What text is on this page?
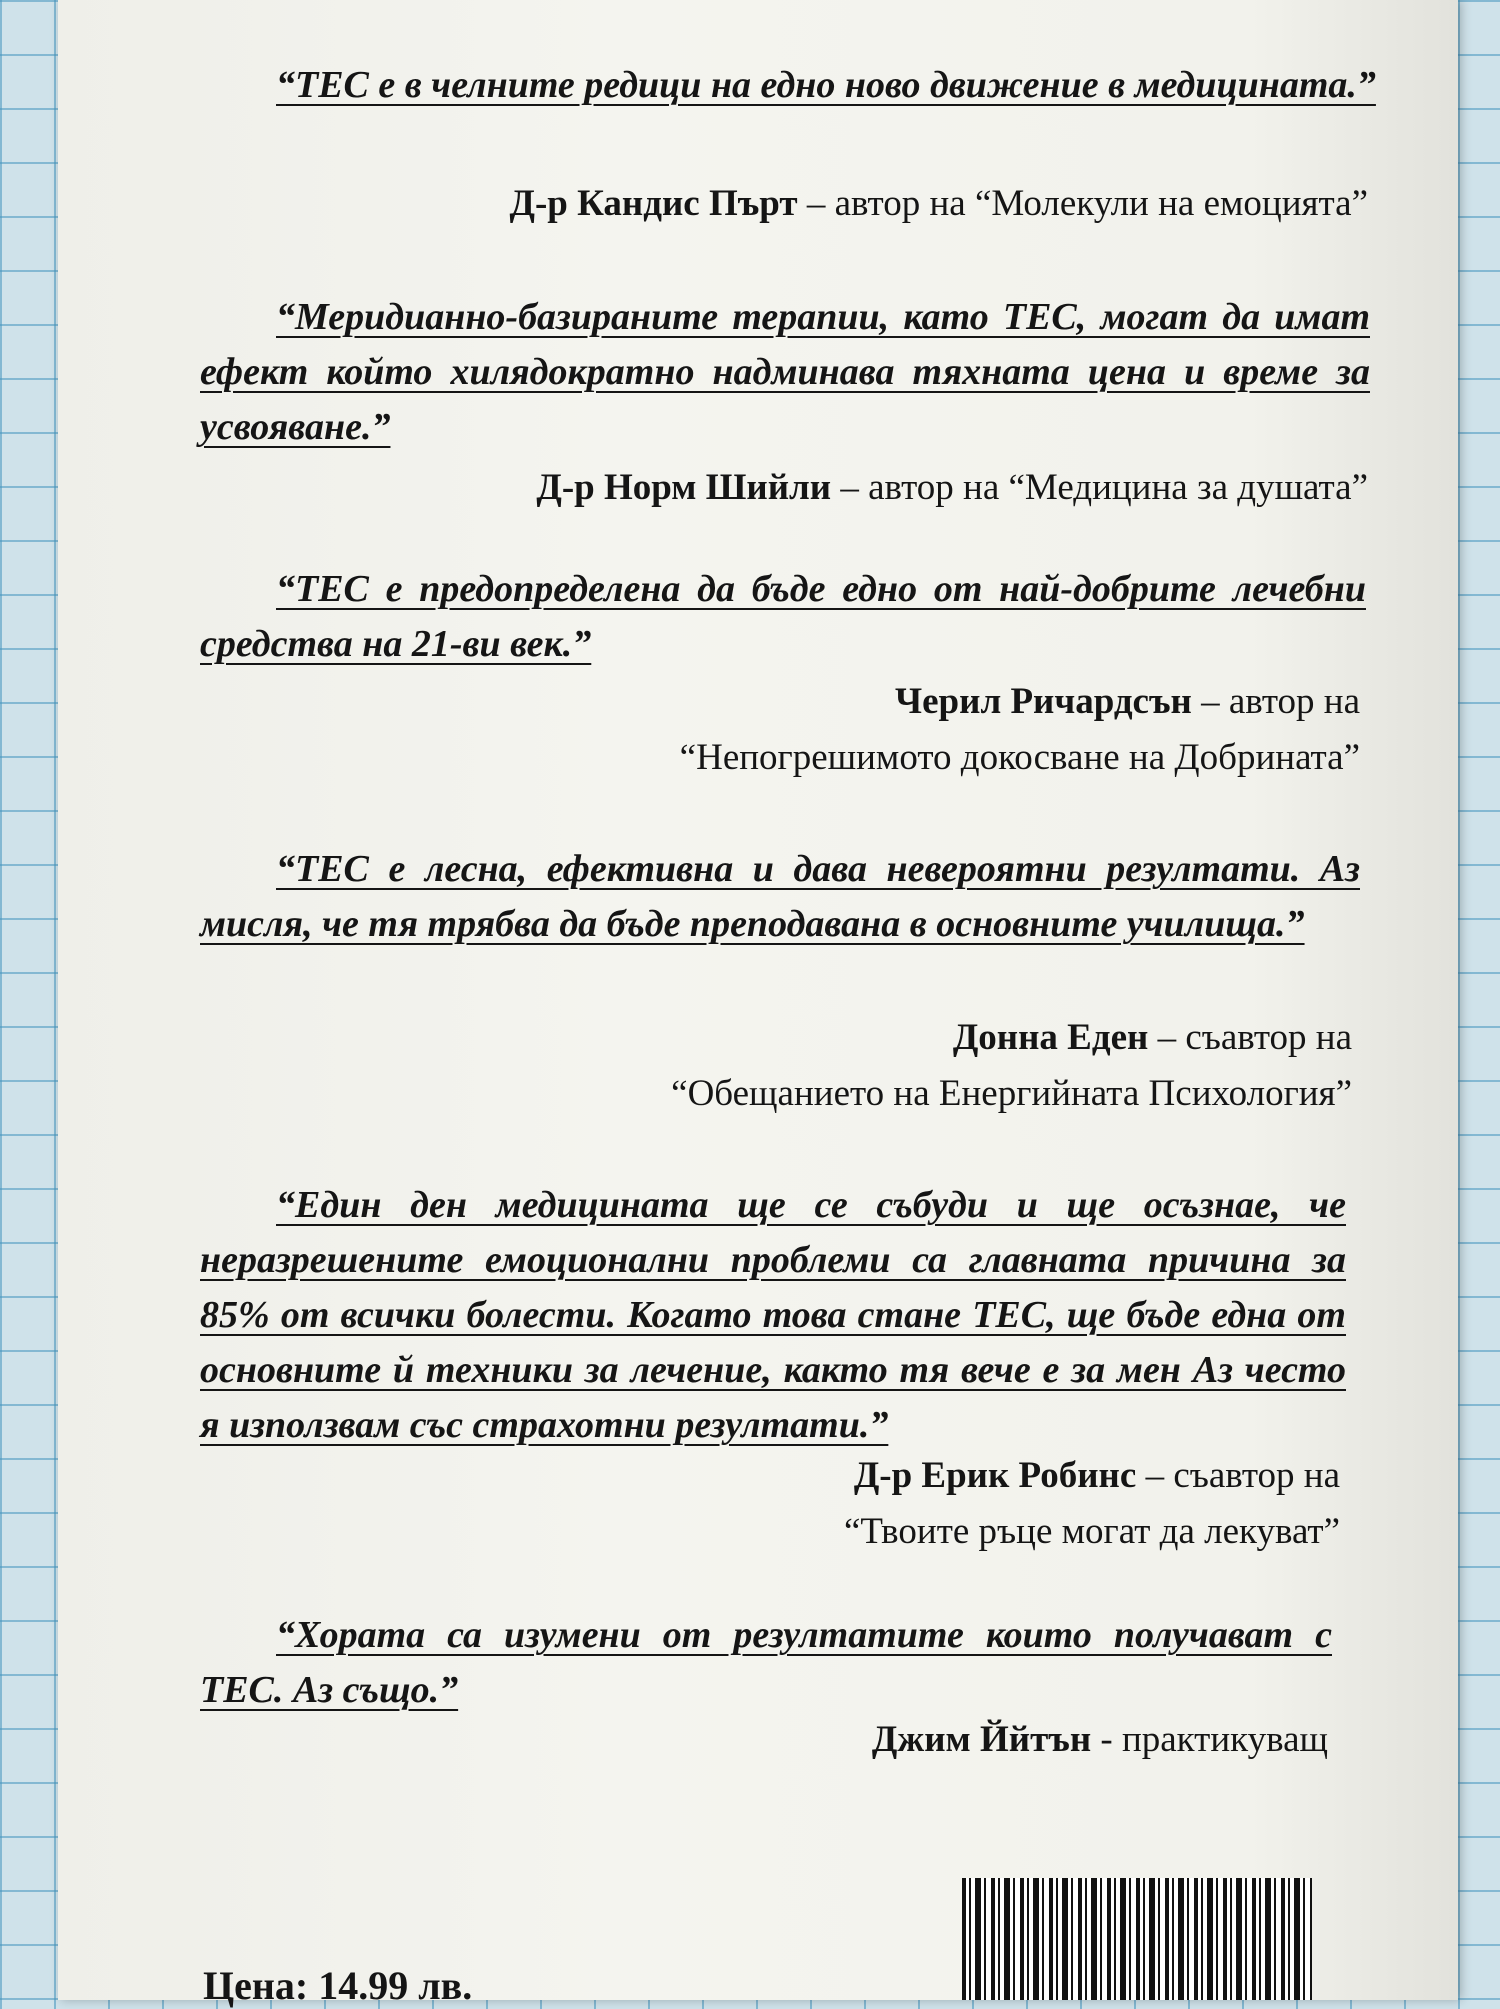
“ТЕС е в челните редици на едно ново движение в медицината.”

Д-р Кандис Пърт – автор на “Молекули на емоцията”

“Меридианно-базираните терапии, като ТЕС, могат да имат ефект който хилядократно надминава тяхната цена и време за усвояване.”

Д-р Норм Шийли – автор на “Медицина за душата”

“ТЕС е предопределена да бъде едно от най-добрите лечебни средства на 21-ви век.”

Черил Ричардсън – автор на
“Непогрешимото докосване на Добрината”

“ТЕС е лесна, ефективна и дава невероятни резултати. Аз мисля, че тя трябва да бъде преподавана в основните училища.”

Донна Еден – съавтор на
“Обещанието на Енергийната Психология”

“Един ден медицината ще се събуди и ще осъзнае, че неразрешените емоционални проблеми са главната причина за 85% от всички болести. Когато това стане ТЕС, ще бъде една от основните й техники за лечение, както тя вече е за мен Аз често я използвам със страхотни резултати.”

Д-р Ерик Робинс – съавтор на
“Твоите ръце могат да лекуват”

“Хората са изумени от резултатите които получават с ТЕС. Аз също.”

Джим Ййтън - практикуващ

Цена: 14.99 лв.
